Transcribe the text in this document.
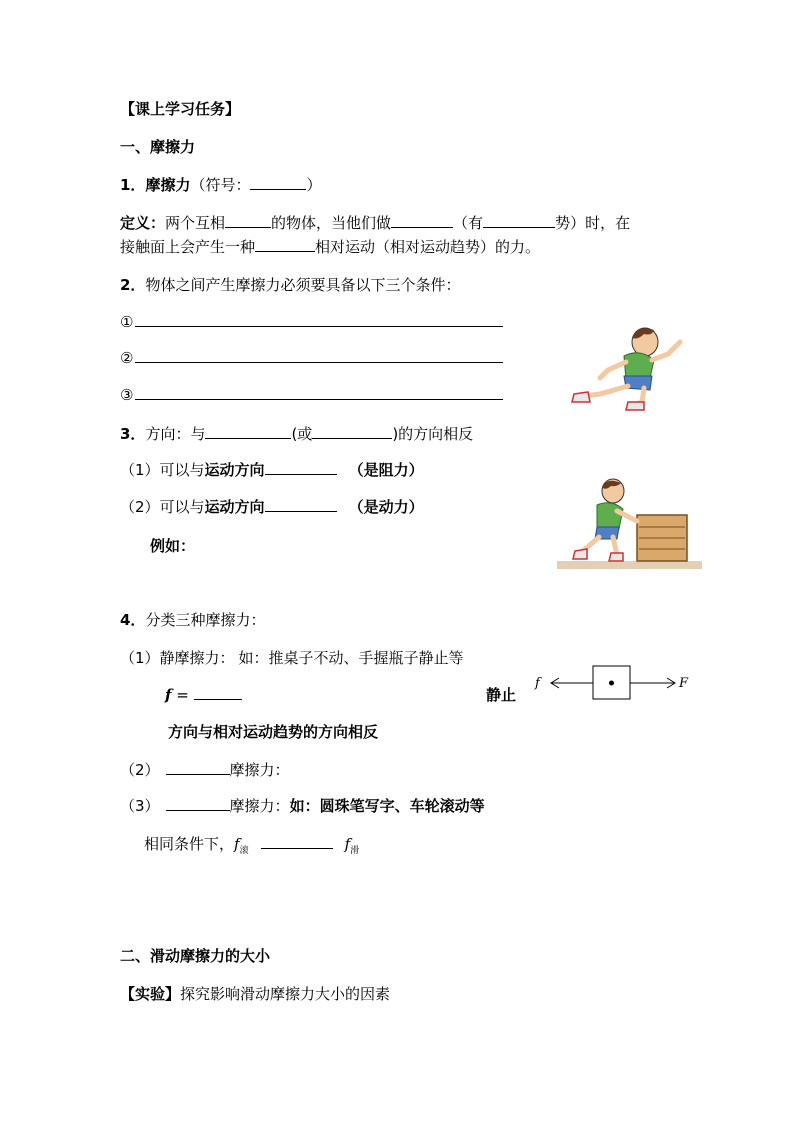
【课上学习任务】
一、摩擦力
1．摩擦力（符号：	）
定义：两个互相	的物体，当他们做	（有	势）时，在
接触面上会产生一种	相对运动（相对运动趋势）的力。
2．物体之间产生摩擦力必须要具备以下三个条件：
①
②
③
3．方向：与	(或	)的方向相反
（1）可以与运动方向	（是阻力）
（2）可以与运动方向	（是动力）
例如：
4．分类三种摩擦力：
（1）静摩擦力： 如：推桌子不动、手握瓶子静止等
f =	静止
f	F
方向与相对运动趋势的方向相反
（2）	摩擦力：
（3）	摩擦力：如：圆珠笔写字、车轮滚动等
相同条件下，$f_滚$	$f_滑$
二、滑动摩擦力的大小
【实验】探究影响滑动摩擦力大小的因素
